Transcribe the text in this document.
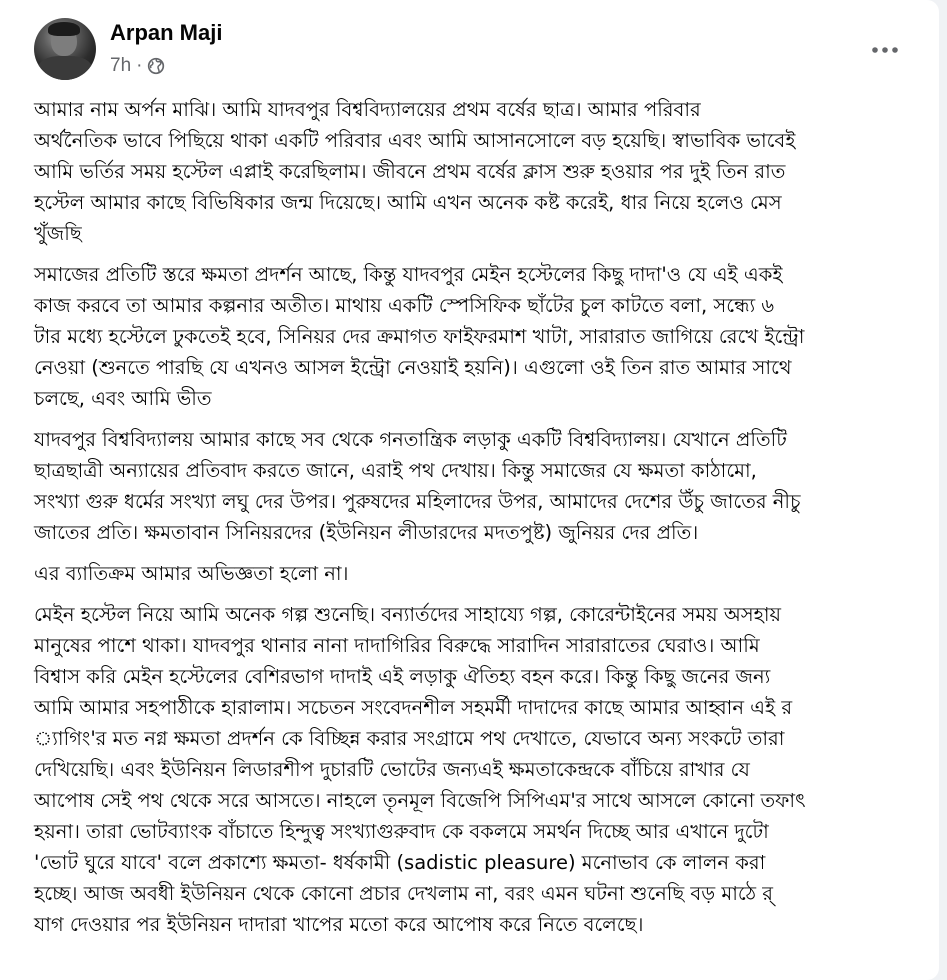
Arpan Maji
7h ·

আমার নাম অর্পন মাঝি। আমি যাদবপুর বিশ্ববিদ্যালয়ের প্রথম বর্ষের ছাত্র। আমার পরিবার
অর্থনৈতিক ভাবে পিছিয়ে থাকা একটি পরিবার এবং আমি আসানসোলে বড় হয়েছি। স্বাভাবিক ভাবেই
আমি ভর্তির সময় হস্টেল এপ্লাই করেছিলাম। জীবনে প্রথম বর্ষের ক্লাস শুরু হওয়ার পর দুই তিন রাত
হস্টেল আমার কাছে বিভিষিকার জন্ম দিয়েছে। আমি এখন অনেক কষ্ট করেই, ধার নিয়ে হলেও মেস
খুঁজছি

সমাজের প্রতিটি স্তরে ক্ষমতা প্রদর্শন আছে, কিন্তু যাদবপুর মেইন হস্টেলের কিছু দাদা'ও যে এই একই
কাজ করবে তা আমার কল্পনার অতীত। মাথায় একটি স্পেসিফিক ছাঁটের চুল কাটতে বলা, সন্ধ্যে ৬
টার মধ্যে হস্টেলে ঢুকতেই হবে, সিনিয়র দের ক্রমাগত ফাইফরমাশ খাটা, সারারাত জাগিয়ে রেখে ইন্ট্রো
নেওয়া (শুনতে পারছি যে এখনও আসল ইন্ট্রো নেওয়াই হয়নি)। এগুলো ওই তিন রাত আমার সাথে
চলছে, এবং আমি ভীত

যাদবপুর বিশ্ববিদ্যালয় আমার কাছে সব থেকে গনতান্ত্রিক লড়াকু একটি বিশ্ববিদ্যালয়। যেখানে প্রতিটি
ছাত্রছাত্রী অন্যায়ের প্রতিবাদ করতে জানে, এরাই পথ দেখায়। কিন্তু সমাজের যে ক্ষমতা কাঠামো,
সংখ্যা গুরু ধর্মের সংখ্যা লঘু দের উপর। পুরুষদের মহিলাদের উপর, আমাদের দেশের উঁচু জাতের নীচু
জাতের প্রতি। ক্ষমতাবান সিনিয়রদের (ইউনিয়ন লীডারদের মদতপুষ্ট) জুনিয়র দের প্রতি।

এর ব্যাতিক্রম আমার অভিজ্ঞতা হলো না।

মেইন হস্টেল নিয়ে আমি অনেক গল্প শুনেছি। বন্যার্তদের সাহায্যে গল্প, কোরেন্টাইনের সময় অসহায়
মানুষের পাশে থাকা। যাদবপুর থানার নানা দাদাগিরির বিরুদ্ধে সারাদিন সারারাতের ঘেরাও। আমি
বিশ্বাস করি মেইন হস্টেলের বেশিরভাগ দাদাই এই লড়াকু ঐতিহ্য বহন করে। কিন্তু কিছু জনের জন্য
আমি আমার সহপাঠীকে হারালাম। সচেতন সংবেদনশীল সহমর্মী দাদাদের কাছে আমার আহ্বান এই র
্যাগিং'র মত নগ্ন ক্ষমতা প্রদর্শন কে বিচ্ছিন্ন করার সংগ্রামে পথ দেখাতে, যেভাবে অন্য সংকটে তারা
দেখিয়েছি। এবং ইউনিয়ন লিডারশীপ দুচারটি ভোটের জন্যএই ক্ষমতাকেন্দ্রকে বাঁচিয়ে রাখার যে
আপোষ সেই পথ থেকে সরে আসতে। নাহলে তৃনমূল বিজেপি সিপিএম'র সাথে আসলে কোনো তফাৎ
হয়না। তারা ভোটব্যাংক বাঁচাতে হিন্দুত্ব সংখ্যাগুরুবাদ কে বকলমে সমর্থন দিচ্ছে আর এখানে দুটো
'ভোট ঘুরে যাবে' বলে প্রকাশ্যে ক্ষমতা- ধর্ষকামী (sadistic pleasure) মনোভাব কে লালন করা
হচ্ছে। আজ অবধী ইউনিয়ন থেকে কোনো প্রচার দেখলাম না, বরং এমন ঘটনা শুনেছি বড় মাঠে র্
যাগ দেওয়ার পর ইউনিয়ন দাদারা খাপের মতো করে আপোষ করে নিতে বলেছে।
